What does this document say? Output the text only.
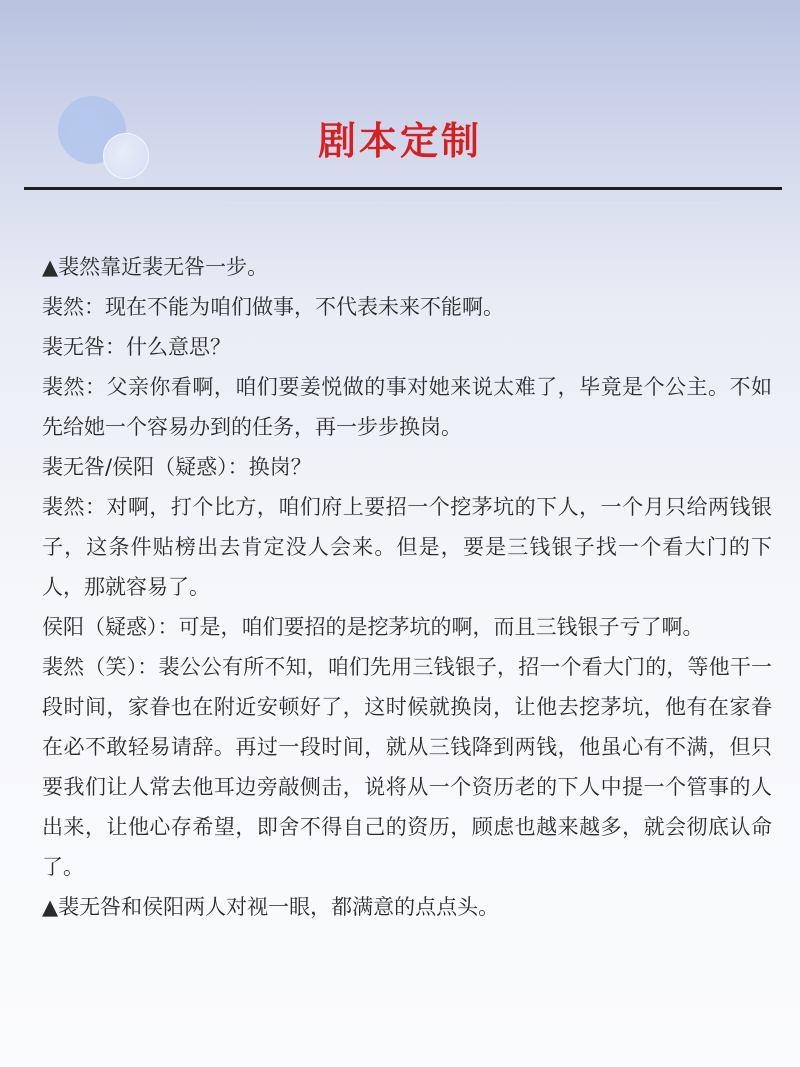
剧本定制

▲裴然靠近裴无咎一步。

裴然：现在不能为咱们做事，不代表未来不能啊。

裴无咎：什么意思？

裴然：父亲你看啊，咱们要姜悦做的事对她来说太难了，毕竟是个公主。不如先给她一个容易办到的任务，再一步步换岗。

裴无咎/侯阳（疑惑）：换岗？

裴然：对啊，打个比方，咱们府上要招一个挖茅坑的下人，一个月只给两钱银子，这条件贴榜出去肯定没人会来。但是，要是三钱银子找一个看大门的下人，那就容易了。

侯阳（疑惑）：可是，咱们要招的是挖茅坑的啊，而且三钱银子亏了啊。

裴然（笑）：裴公公有所不知，咱们先用三钱银子，招一个看大门的，等他干一段时间，家眷也在附近安顿好了，这时候就换岗，让他去挖茅坑，他有在家眷在必不敢轻易请辞。再过一段时间，就从三钱降到两钱，他虽心有不满，但只要我们让人常去他耳边旁敲侧击，说将从一个资历老的下人中提一个管事的人出来，让他心存希望，即舍不得自己的资历，顾虑也越来越多，就会彻底认命了。

▲裴无咎和侯阳两人对视一眼，都满意的点点头。
